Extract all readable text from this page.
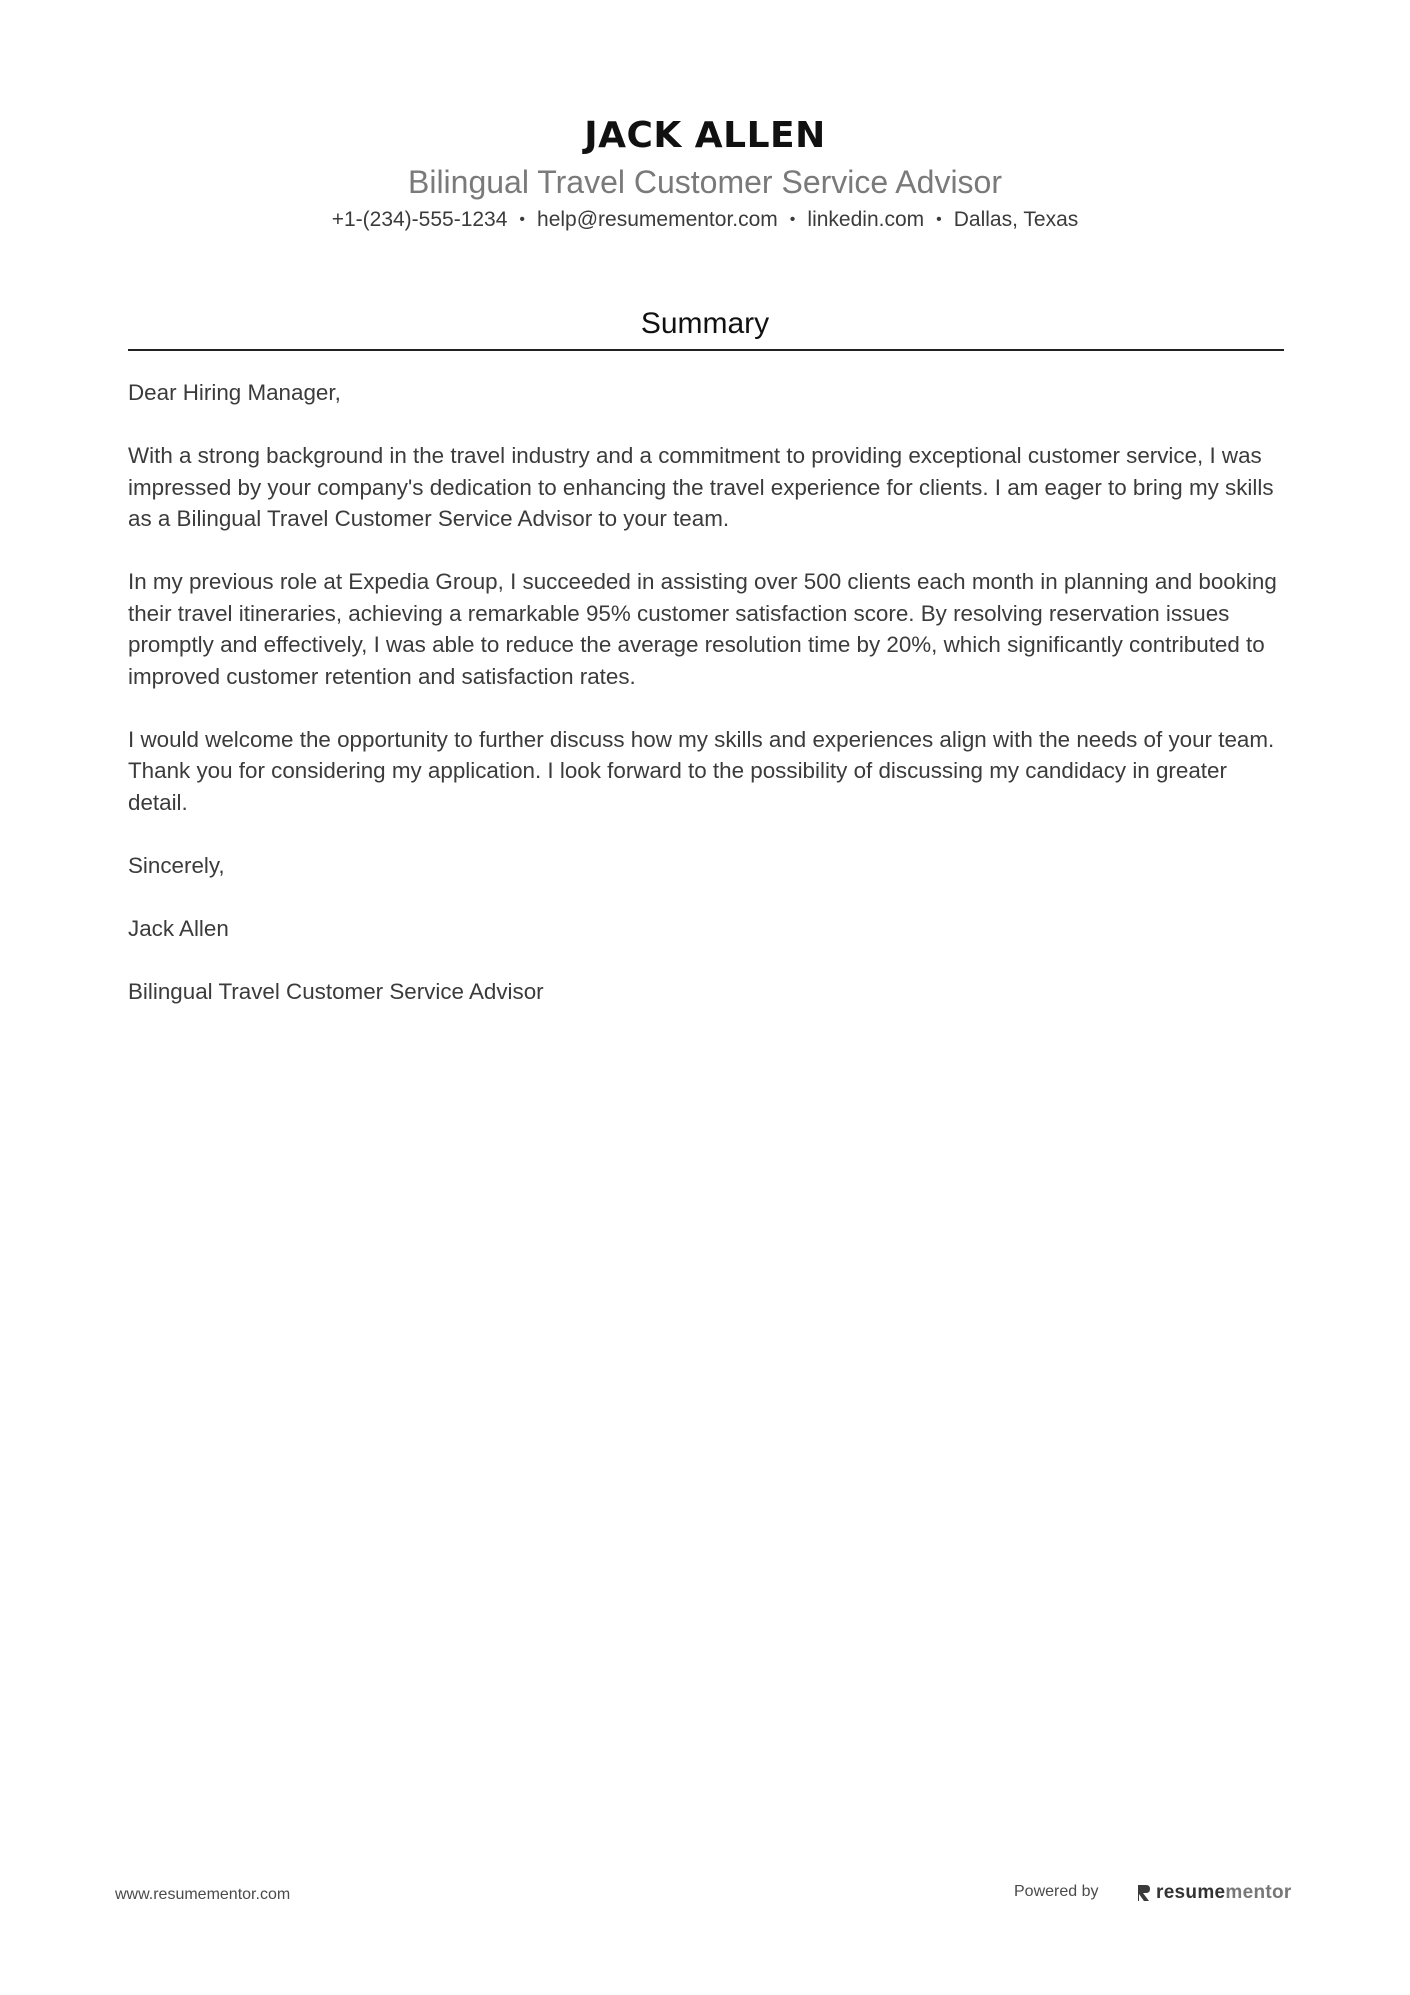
JACK ALLEN
Bilingual Travel Customer Service Advisor
+1-(234)-555-1234 • help@resumementor.com • linkedin.com • Dallas, Texas
Summary

Dear Hiring Manager,

With a strong background in the travel industry and a commitment to providing exceptional customer service, I was impressed by your company's dedication to enhancing the travel experience for clients. I am eager to bring my skills as a Bilingual Travel Customer Service Advisor to your team.

In my previous role at Expedia Group, I succeeded in assisting over 500 clients each month in planning and booking their travel itineraries, achieving a remarkable 95% customer satisfaction score. By resolving reservation issues promptly and effectively, I was able to reduce the average resolution time by 20%, which significantly contributed to improved customer retention and satisfaction rates.

I would welcome the opportunity to further discuss how my skills and experiences align with the needs of your team. Thank you for considering my application. I look forward to the possibility of discussing my candidacy in greater detail.

Sincerely,

Jack Allen

Bilingual Travel Customer Service Advisor

www.resumementor.com	Powered by	resumementor
